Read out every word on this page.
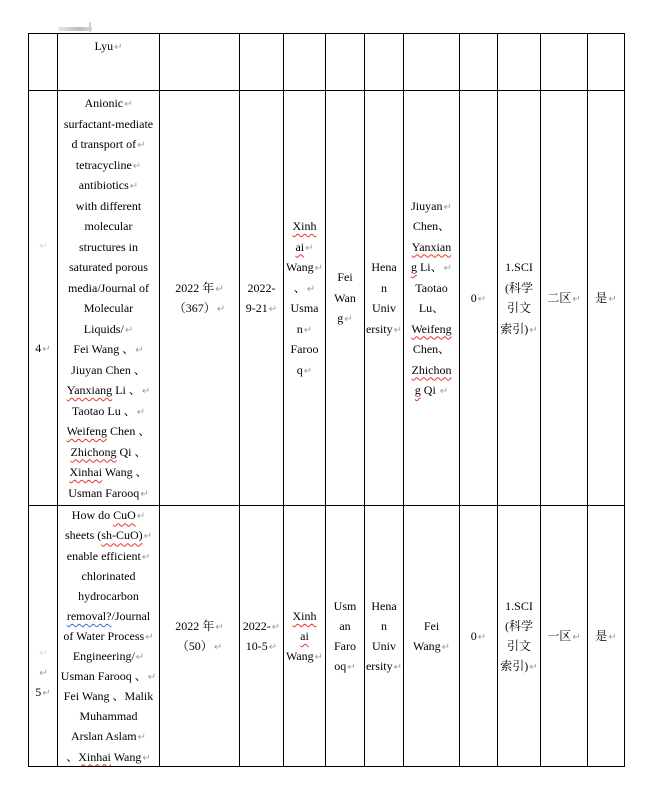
Lyu↵
↵
4↵
Anionic↵
surfactant-mediate
d transport of↵
tetracycline↵
antibiotics↵
with different
molecular
structures in
saturated porous
media/Journal of
Molecular
Liquids/↵
Fei Wang 、↵
Jiuyan Chen 、
Yanxiang Li 、↵
Taotao Lu 、↵
Weifeng Chen 、
Zhichong Qi 、
Xinhai Wang 、
Usman Farooq↵
2022 年↵
（367）↵
2022-
9-21↵
Xinh
ai↵
Wang↵
、↵
Usma
n↵
Faroo
q↵
Fei
Wan
g↵
Hena
n
Univ
ersity↵
Jiuyan↵
Chen、
Yanxian
g Li、↵
Taotao
Lu、
Weifeng
Chen、
Zhichon
g Qi ↵
0↵
1.SCI
(科学
引文
索引)↵
二区↵	是↵
↵
↵
5↵
How do CuO↵
sheets (sh-CuO)↵
enable efficient↵
chlorinated
hydrocarbon
removal?/Journal
of Water Process↵
Engineering/↵
Usman Farooq 、↵
Fei Wang 、Malik
Muhammad
Arslan Aslam↵
、Xinhai Wang↵
2022 年↵
（50）↵
2022-↵
10-5↵
Xinh
ai
Wang↵
Usm
an
Faro
oq↵
Hena
n
Univ
ersity↵
Fei
Wang↵
0↵
1.SCI
(科学
引文
索引)↵
一区↵	是↵
